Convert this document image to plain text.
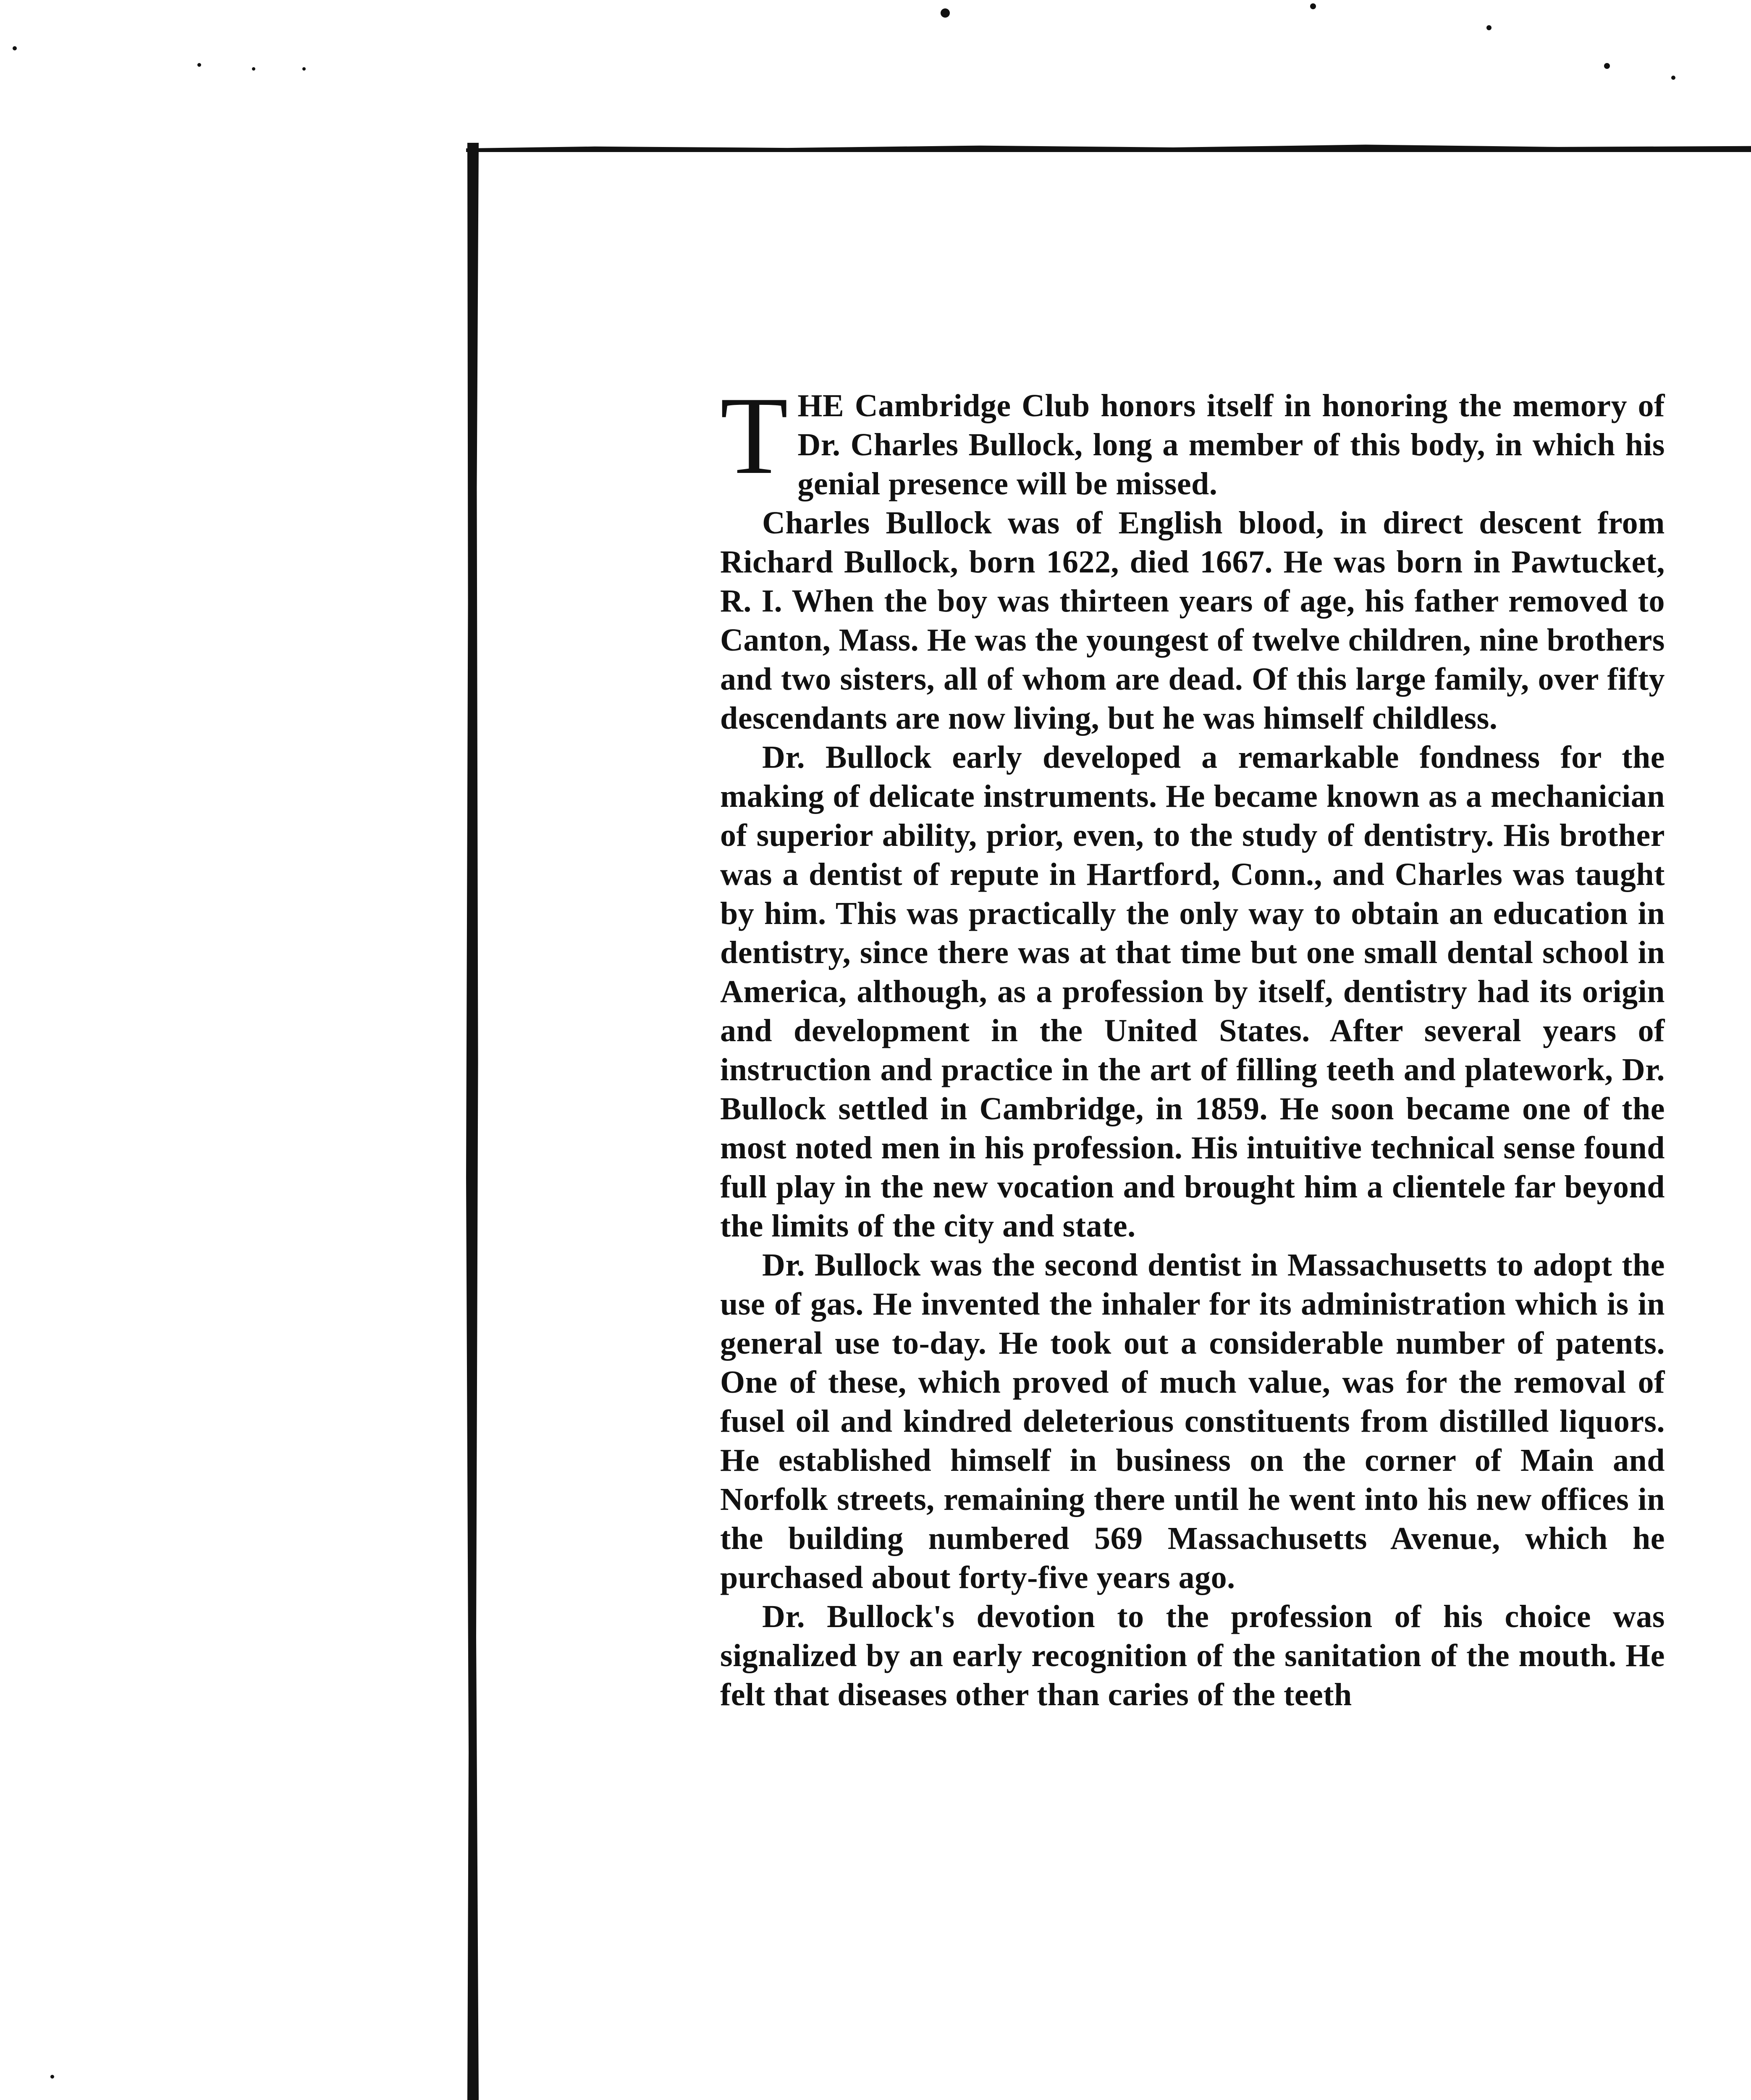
THE Cambridge Club honors itself in honoring the memory of Dr. Charles Bullock, long a member of this body, in which his genial presence will be missed.

Charles Bullock was of English blood, in direct descent from Richard Bullock, born 1622, died 1667. He was born in Pawtucket, R. I. When the boy was thirteen years of age, his father removed to Canton, Mass. He was the youngest of twelve children, nine brothers and two sisters, all of whom are dead. Of this large family, over fifty descendants are now living, but he was himself childless.

Dr. Bullock early developed a remarkable fondness for the making of delicate instruments. He became known as a mechanician of superior ability, prior, even, to the study of dentistry. His brother was a dentist of repute in Hartford, Conn., and Charles was taught by him. This was practically the only way to obtain an education in dentistry, since there was at that time but one small dental school in America, although, as a profession by itself, dentistry had its origin and development in the United States. After several years of instruction and practice in the art of filling teeth and platework, Dr. Bullock settled in Cambridge, in 1859. He soon became one of the most noted men in his profession. His intuitive technical sense found full play in the new vocation and brought him a clientele far beyond the limits of the city and state.

Dr. Bullock was the second dentist in Massachusetts to adopt the use of gas. He invented the inhaler for its administration which is in general use to-day. He took out a considerable number of patents. One of these, which proved of much value, was for the removal of fusel oil and kindred deleterious constituents from distilled liquors. He established himself in business on the corner of Main and Norfolk streets, remaining there until he went into his new offices in the building numbered 569 Massachusetts Avenue, which he purchased about forty-five years ago.

Dr. Bullock's devotion to the profession of his choice was signalized by an early recognition of the sanitation of the mouth. He felt that diseases other than caries of the teeth
